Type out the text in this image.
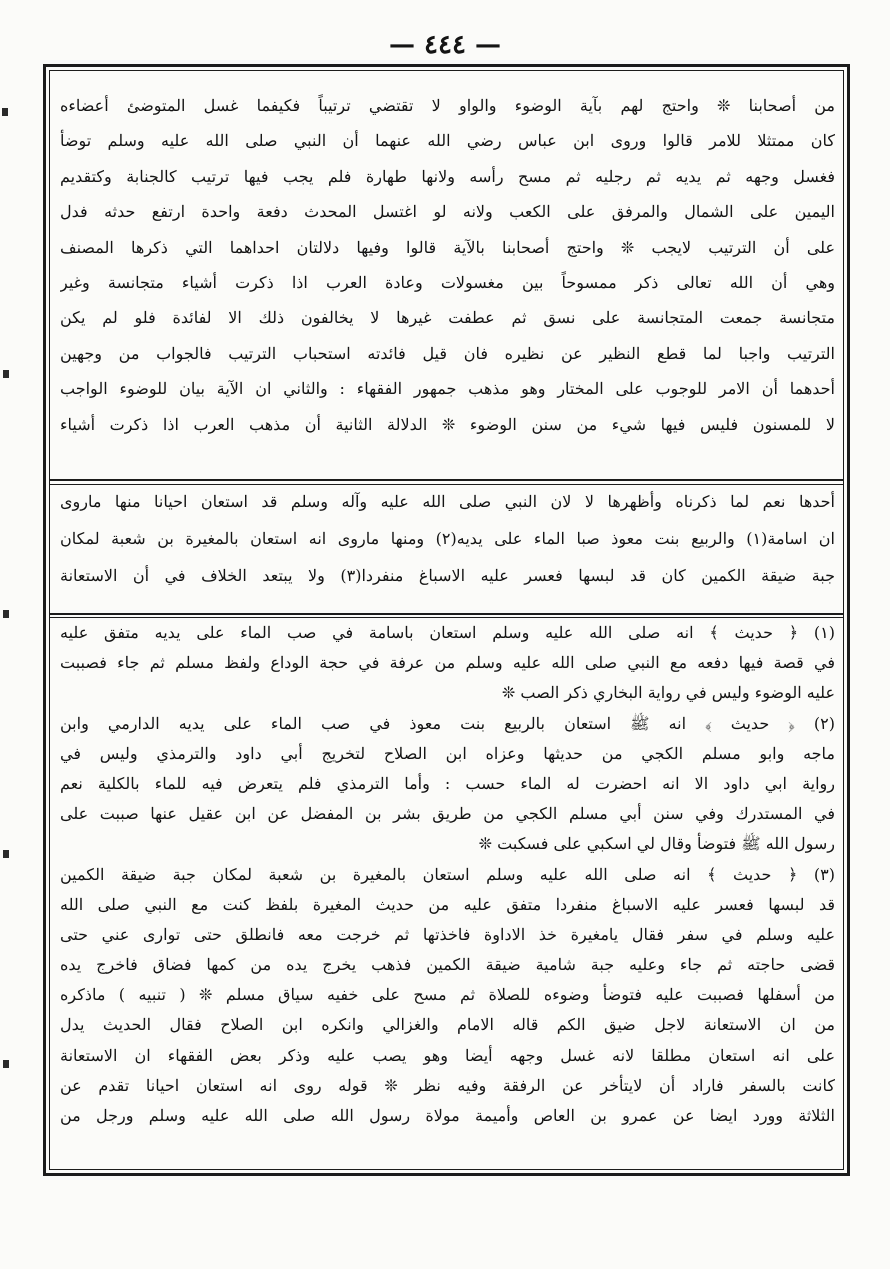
— ٤٤٤ —
من أصحابنا ❊ واحتج لهم بآية الوضوء والواو لا تقتضي ترتيباً فكيفما غسل المتوضئ أعضاءه
كان ممتثلا للامر قالوا وروى ابن عباس رضي الله عنهما أن النبي صلى الله عليه وسلم توضأ
فغسل وجهه ثم يديه ثم رجليه ثم مسح رأسه ولانها طهارة فلم يجب فيها ترتيب كالجنابة وكتقديم
اليمين على الشمال والمرفق على الكعب ولانه لو اغتسل المحدث دفعة واحدة ارتفع حدثه فدل
على أن الترتيب لايجب ❊ واحتج أصحابنا بالآية قالوا وفيها دلالتان احداهما التي ذكرها المصنف
وهي أن الله تعالى ذكر ممسوحاً بين مغسولات وعادة العرب اذا ذكرت أشياء متجانسة وغير
متجانسة جمعت المتجانسة على نسق ثم عطفت غيرها لا يخالفون ذلك الا لفائدة فلو لم يكن
الترتيب واجبا لما قطع النظير عن نظيره فان قيل فائدته استحباب الترتيب فالجواب من وجهين
أحدهما أن الامر للوجوب على المختار وهو مذهب جمهور الفقهاء : والثاني ان الآية بيان للوضوء الواجب
لا للمسنون فليس فيها شيء من سنن الوضوء ❊ الدلالة الثانية أن مذهب العرب اذا ذكرت أشياء
أحدها نعم لما ذكرناه وأظهرها لا لان النبي صلى الله عليه وآله وسلم قد استعان احيانا منها ماروى
ان اسامة(١) والربيع بنت معوذ صبا الماء على يديه(٢) ومنها ماروى انه استعان بالمغيرة بن شعبة لمكان
جبة ضيقة الكمين كان قد لبسها فعسر عليه الاسباغ منفردا(٣) ولا يبتعد الخلاف في أن الاستعانة
(١) ﴿ حديث ﴾ انه صلى الله عليه وسلم استعان باسامة في صب الماء على يديه متفق عليه
في قصة فيها دفعه مع النبي صلى الله عليه وسلم من عرفة في حجة الوداع ولفظ مسلم ثم جاء فصببت
عليه الوضوء وليس في رواية البخاري ذكر الصب ❊
(٢) ﴿ حديث ﴾ انه ﷺ استعان بالربيع بنت معوذ في صب الماء على يديه الدارمي وابن
ماجه وابو مسلم الكجي من حديثها وعزاه ابن الصلاح لتخريج أبي داود والترمذي وليس في
رواية ابي داود الا انه احضرت له الماء حسب : وأما الترمذي فلم يتعرض فيه للماء بالكلية نعم
في المستدرك وفي سنن أبي مسلم الكجي من طريق بشر بن المفضل عن ابن عقيل عنها صببت على
رسول الله ﷺ فتوضأ وقال لي اسكبي على فسكبت ❊
(٣) ﴿ حديث ﴾ انه صلى الله عليه وسلم استعان بالمغيرة بن شعبة لمكان جبة ضيقة الكمين
قد لبسها فعسر عليه الاسباغ منفردا متفق عليه من حديث المغيرة بلفظ كنت مع النبي صلى الله
عليه وسلم في سفر فقال يامغيرة خذ الاداوة فاخذتها ثم خرجت معه فانطلق حتى توارى عني حتى
قضى حاجته ثم جاء وعليه جبة شامية ضيقة الكمين فذهب يخرج يده من كمها فضاق فاخرج يده
من أسفلها فصببت عليه فتوضأ وضوءه للصلاة ثم مسح على خفيه سياق مسلم ❊ ( تنبيه ) ماذكره
من ان الاستعانة لاجل ضيق الكم قاله الامام والغزالي وانكره ابن الصلاح فقال الحديث يدل
على انه استعان مطلقا لانه غسل وجهه أيضا وهو يصب عليه وذكر بعض الفقهاء ان الاستعانة
كانت بالسفر فاراد أن لايتأخر عن الرفقة وفيه نظر ❊ قوله روى انه استعان احيانا تقدم عن
الثلاثة وورد ايضا عن عمرو بن العاص وأميمة مولاة رسول الله صلى الله عليه وسلم ورجل من
